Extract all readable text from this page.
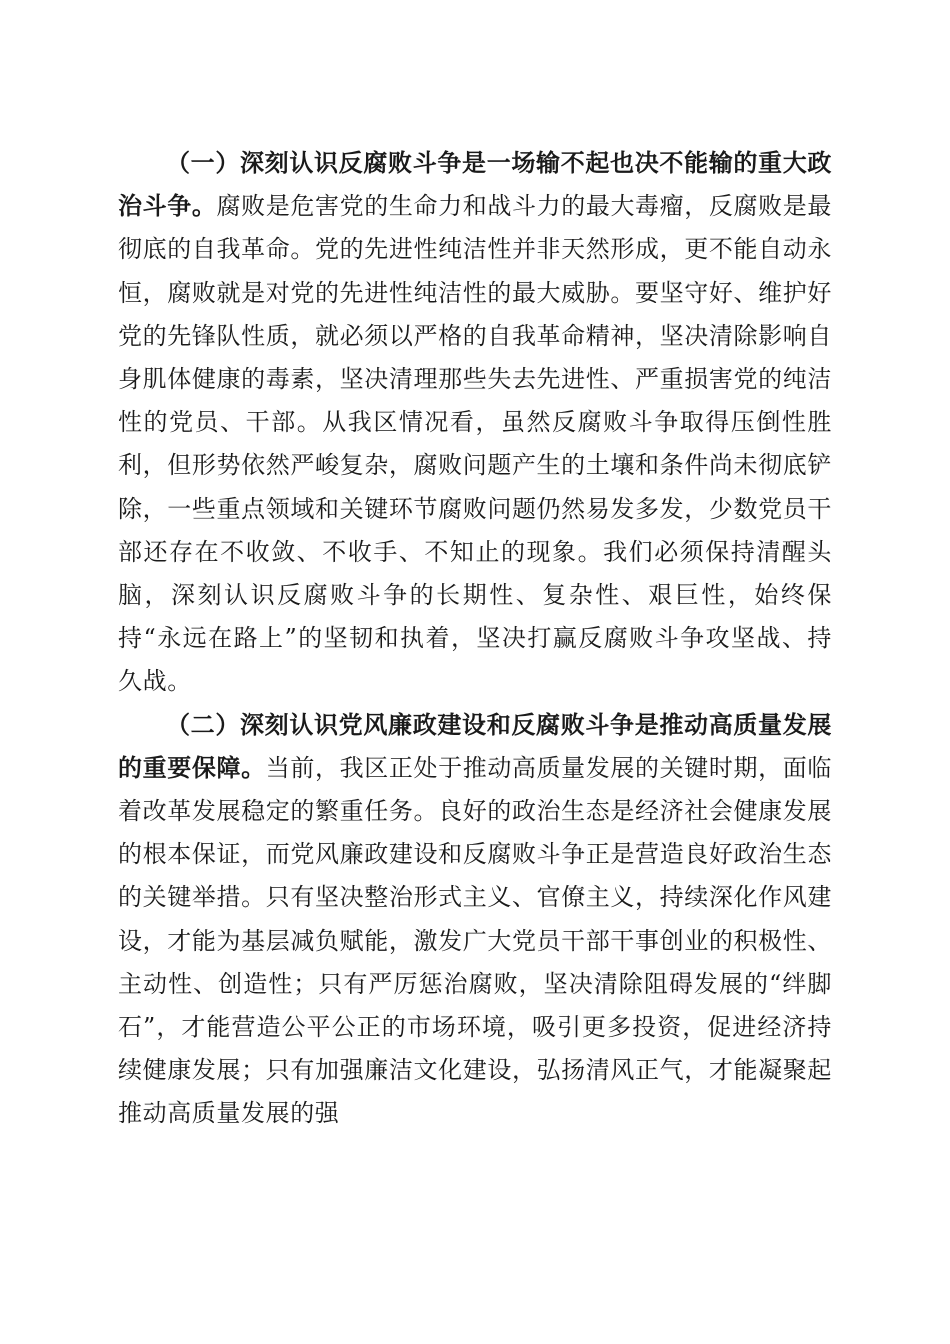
（一）深刻认识反腐败斗争是一场输不起也决不能输的重大政治斗争。腐败是危害党的生命力和战斗力的最大毒瘤，反腐败是最彻底的自我革命。党的先进性纯洁性并非天然形成，更不能自动永恒，腐败就是对党的先进性纯洁性的最大威胁。要坚守好、维护好党的先锋队性质，就必须以严格的自我革命精神，坚决清除影响自身肌体健康的毒素，坚决清理那些失去先进性、严重损害党的纯洁性的党员、干部。从我区情况看，虽然反腐败斗争取得压倒性胜利，但形势依然严峻复杂，腐败问题产生的土壤和条件尚未彻底铲除，一些重点领域和关键环节腐败问题仍然易发多发，少数党员干部还存在不收敛、不收手、不知止的现象。我们必须保持清醒头脑，深刻认识反腐败斗争的长期性、复杂性、艰巨性，始终保持“永远在路上”的坚韧和执着，坚决打赢反腐败斗争攻坚战、持久战。

（二）深刻认识党风廉政建设和反腐败斗争是推动高质量发展的重要保障。当前，我区正处于推动高质量发展的关键时期，面临着改革发展稳定的繁重任务。良好的政治生态是经济社会健康发展的根本保证，而党风廉政建设和反腐败斗争正是营造良好政治生态的关键举措。只有坚决整治形式主义、官僚主义，持续深化作风建设，才能为基层减负赋能，激发广大党员干部干事创业的积极性、主动性、创造性；只有严厉惩治腐败，坚决清除阻碍发展的“绊脚石”，才能营造公平公正的市场环境，吸引更多投资，促进经济持续健康发展；只有加强廉洁文化建设，弘扬清风正气，才能凝聚起推动高质量发展的强
